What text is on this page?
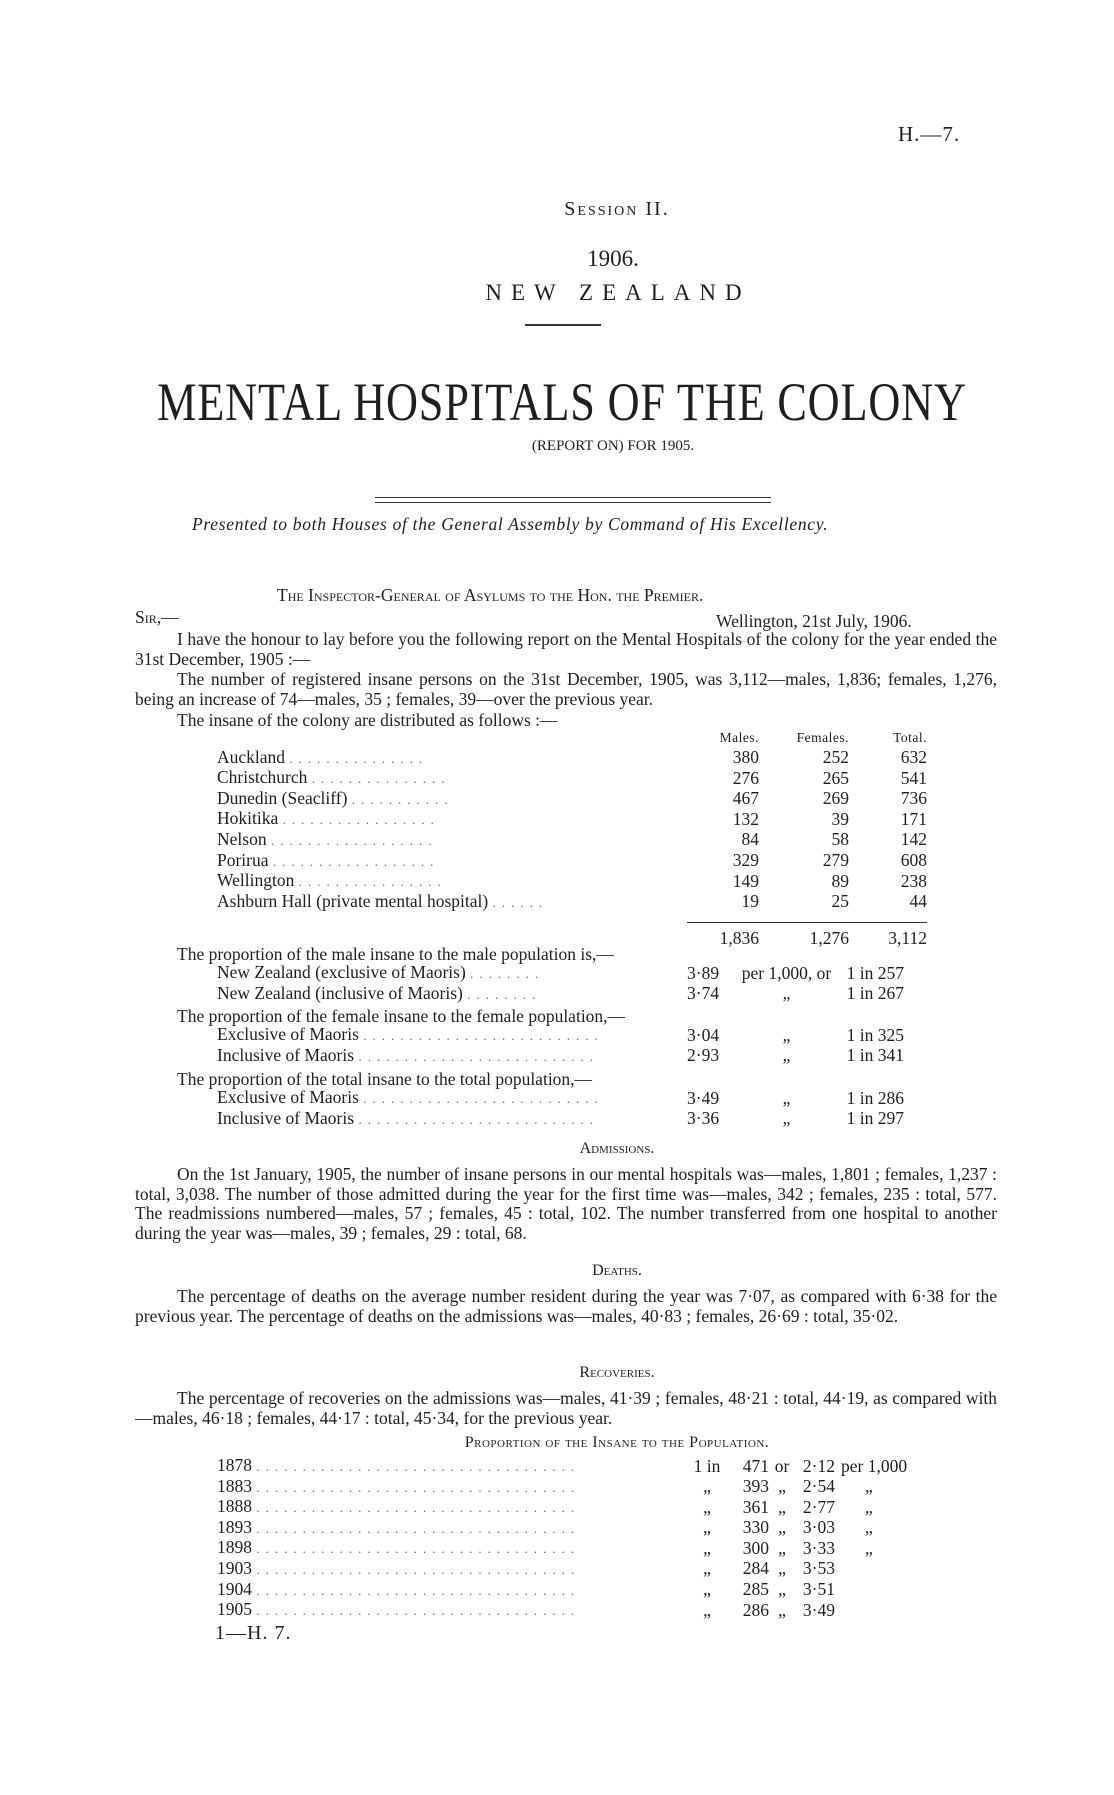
H.—7.
Session II.
1906.
NEW ZEALAND
MENTAL HOSPITALS OF THE COLONY
(REPORT ON) FOR 1905.
Presented to both Houses of the General Assembly by Command of His Excellency.
The Inspector-General of Asylums to the Hon. the Premier.
Sir,—	Wellington, 21st July, 1906.
I have the honour to lay before you the following report on the Mental Hospitals of the colony for the year ended the 31st December, 1905 :—
The number of registered insane persons on the 31st December, 1905, was 3,112—males, 1,836; females, 1,276, being an increase of 74—males, 35 ; females, 39—over the previous year.
The insane of the colony are distributed as follows :—
	Males.	Females.	Total.
Auckland ...............	380	252	632
Christchurch ...............	276	265	541
Dunedin (Seacliff) ...........	467	269	736
Hokitika .................	132	39	171
Nelson ..................	84	58	142
Porirua ..................	329	279	608
Wellington ................	149	89	238
Ashburn Hall (private mental hospital) ......	19	25	44

	1,836	1,276	3,112
The proportion of the male insane to the male population is,—
New Zealand (exclusive of Maoris) ........	3·89	per 1,000, or	1 in 257
New Zealand (inclusive of Maoris) ........	3·74	„	1 in 267
The proportion of the female insane to the female population,—
Exclusive of Maoris ..........................	3·04	„	1 in 325
Inclusive of Maoris ..........................	2·93	„	1 in 341
The proportion of the total insane to the total population,—
Exclusive of Maoris ..........................	3·49	„	1 in 286
Inclusive of Maoris ..........................	3·36	„	1 in 297
Admissions.
On the 1st January, 1905, the number of insane persons in our mental hospitals was—males, 1,801 ; females, 1,237 : total, 3,038. The number of those admitted during the year for the first time was—males, 342 ; females, 235 : total, 577. The readmissions numbered—males, 57 ; females, 45 : total, 102. The number transferred from one hospital to another during the year was—males, 39 ; females, 29 : total, 68.
Deaths.
The percentage of deaths on the average number resident during the year was 7·07, as compared with 6·38 for the previous year. The percentage of deaths on the admissions was—males, 40·83 ; females, 26·69 : total, 35·02.
Recoveries.
The percentage of recoveries on the admissions was—males, 41·39 ; females, 48·21 : total, 44·19, as compared with—males, 46·18 ; females, 44·17 : total, 45·34, for the previous year.
Proportion of the Insane to the Population.
1878 ...................................	1 in	471	or	2·12	per 1,000
1883 ...................................	„	393	„	2·54	„
1888 ...................................	„	361	„	2·77	„
1893 ...................................	„	330	„	3·03	„
1898 ...................................	„	300	„	3·33	„
1903 ...................................	„	284	„	3·53	
1904 ...................................	„	285	„	3·51	
1905 ...................................	„	286	„	3·49	
1—H. 7.
